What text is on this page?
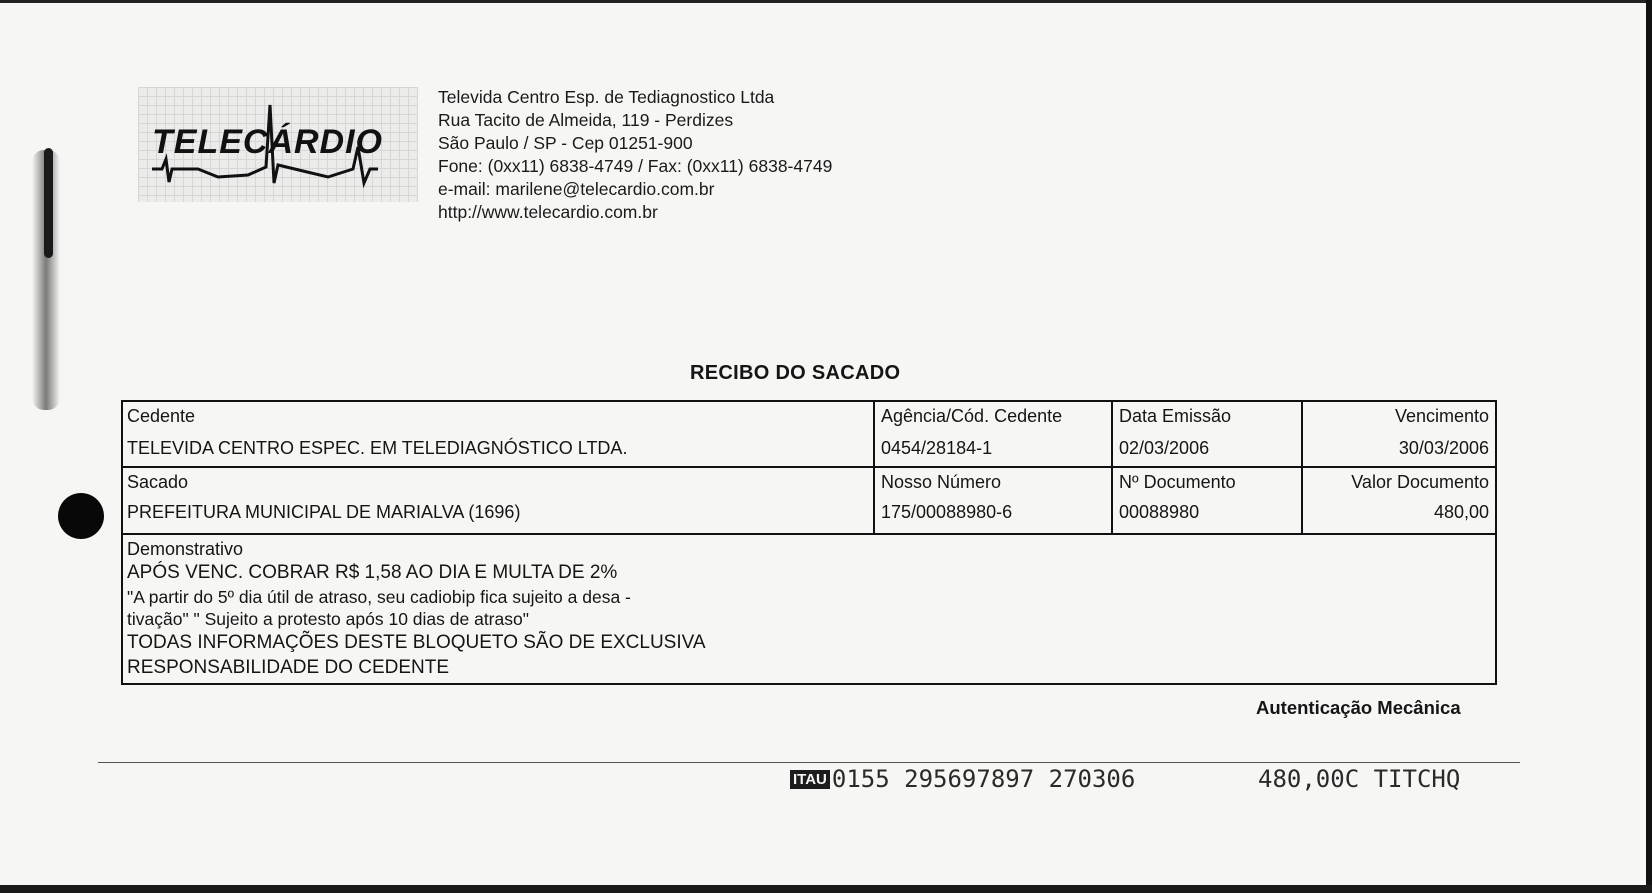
TELECÁRDIO
Televida Centro Esp. de Tediagnostico Ltda
Rua Tacito de Almeida, 119 - Perdizes
São Paulo / SP - Cep 01251-900
Fone: (0xx11) 6838-4749 / Fax: (0xx11) 6838-4749
e-mail: marilene@telecardio.com.br
http://www.telecardio.com.br
RECIBO DO SACADO
Cedente
TELEVIDA CENTRO ESPEC. EM TELEDIAGNÓSTICO LTDA.
Agência/Cód. Cedente
0454/28184-1
Data Emissão
02/03/2006
Vencimento
30/03/2006
Sacado
PREFEITURA MUNICIPAL DE MARIALVA (1696)
Nosso Número
175/00088980-6
Nº Documento
00088980
Valor Documento
480,00
Demonstrativo
APÓS VENC. COBRAR R$ 1,58 AO DIA E MULTA DE 2%
"A partir do 5º dia útil de atraso, seu cadiobip fica sujeito a desa -
tivação" " Sujeito a protesto após 10 dias de atraso"
TODAS INFORMAÇÕES DESTE BLOQUETO SÃO DE EXCLUSIVA
RESPONSABILIDADE DO CEDENTE
Autenticação Mecânica
ITAU 0155 295697897 270306	480,00C TITCHQ
